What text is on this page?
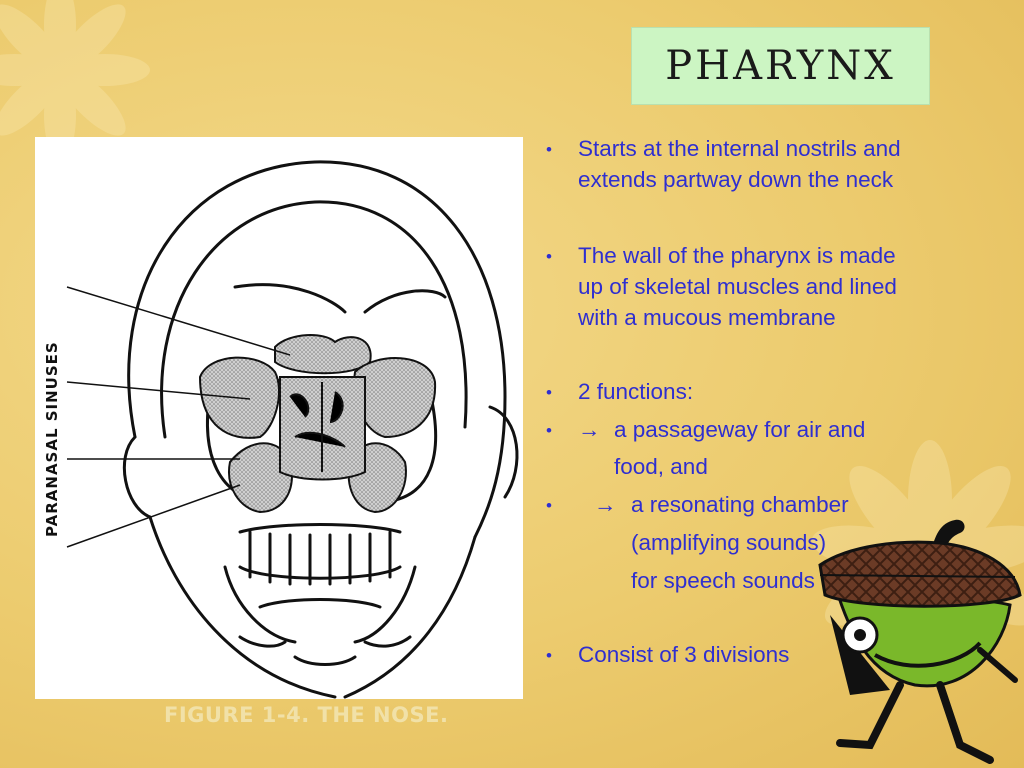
PHARYNX
PARANASAL SINUSES
FIGURE 1-4. THE NOSE.
• Starts at the internal nostrils and
extends partway down the neck
• The wall of the pharynx is made
up of skeletal muscles and lined
with a mucous membrane
• 2 functions:
• → a passageway for air and
food, and
• → a resonating chamber
(amplifying sounds)
for speech sounds
• Consist of 3 divisions
